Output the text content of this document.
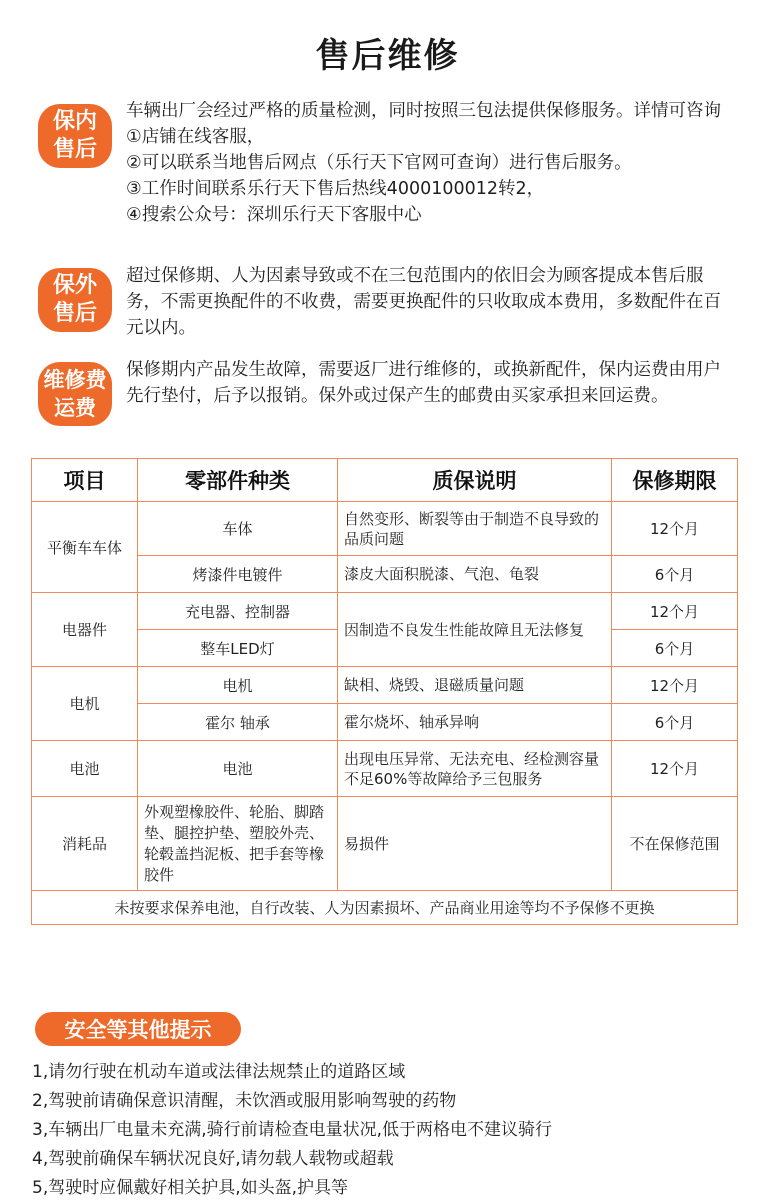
售后维修
保内
售后
车辆出厂会经过严格的质量检测，同时按照三包法提供保修服务。详情可咨询
①店铺在线客服，
②可以联系当地售后网点（乐行天下官网可查询）进行售后服务。
③工作时间联系乐行天下售后热线4000100012转2，
④搜索公众号：深圳乐行天下客服中心
保外
售后
超过保修期、人为因素导致或不在三包范围内的依旧会为顾客提成本售后服务，不需更换配件的不收费，需要更换配件的只收取成本费用，多数配件在百元以内。
维修费
运费
保修期内产品发生故障，需要返厂进行维修的，或换新配件，保内运费由用户先行垫付，后予以报销。保外或过保产生的邮费由买家承担来回运费。
项目	零部件种类	质保说明	保修期限
平衡车车体	车体	自然变形、断裂等由于制造不良导致的品质问题	12个月
	烤漆件电镀件	漆皮大面积脱漆、气泡、龟裂	6个月
电器件	充电器、控制器	因制造不良发生性能故障且无法修复	12个月
	整车LED灯		6个月
电机	电机	缺相、烧毁、退磁质量问题	12个月
	霍尔 轴承	霍尔烧坏、轴承异响	6个月
电池	电池	出现电压异常、无法充电、经检测容量不足60%等故障给予三包服务	12个月
消耗品	外观塑橡胶件、轮胎、脚踏垫、腿控护垫、塑胶外壳、轮毂盖挡泥板、把手套等橡胶件	易损件	不在保修范围
未按要求保养电池，自行改装、人为因素损坏、产品商业用途等均不予保修不更换			
安全等其他提示
1,请勿行驶在机动车道或法律法规禁止的道路区域
2,驾驶前请确保意识清醒，未饮酒或服用影响驾驶的药物
3,车辆出厂电量未充满,骑行前请检查电量状况,低于两格电不建议骑行
4,驾驶前确保车辆状况良好,请勿载人载物或超载
5,驾驶时应佩戴好相关护具,如头盔,护具等
